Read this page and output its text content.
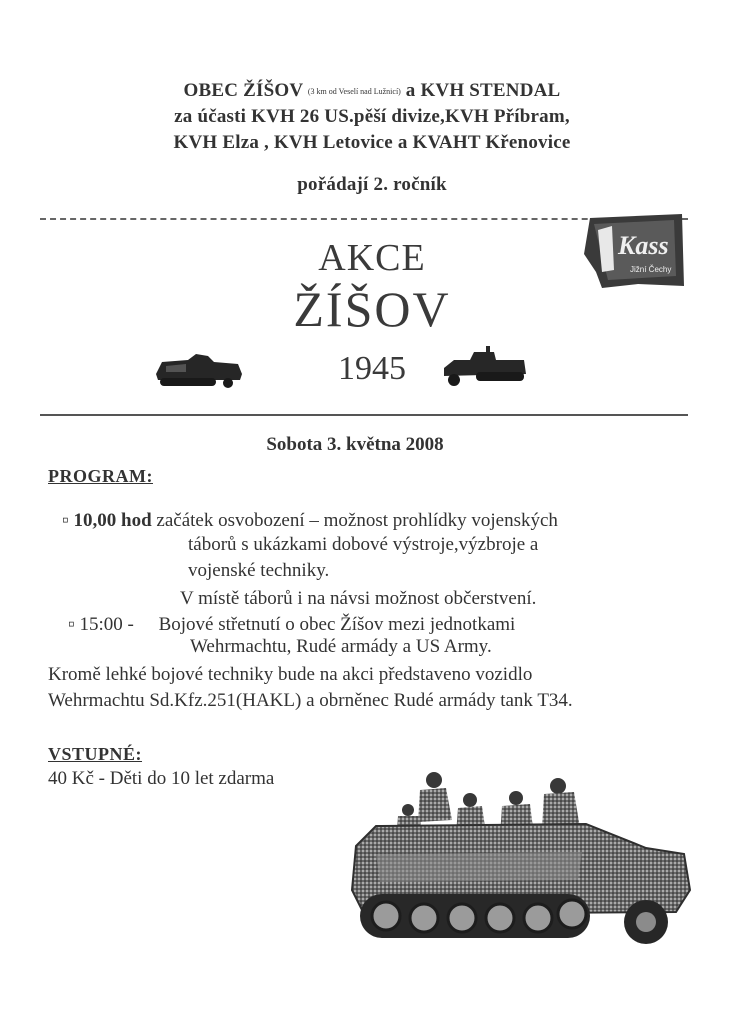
OBEC ŽÍŠOV (3 km od Veselí nad Lužnicí) a KVH STENDAL
za účasti KVH 26 US.pěší divize,KVH Příbram,
KVH Elza , KVH Letovice a KVAHT Křenovice
pořádají 2. ročník
Kass
Jižní Čechy
AKCE
ŽÍŠOV
1945
Sobota 3. května 2008
PROGRAM:
▫ 10,00 hod začátek osvobození – možnost prohlídky vojenských
táborů s ukázkami dobové výstroje,výzbroje a
vojenské techniky.
V místě táborů i na návsi možnost občerstvení.
▫ 15:00 - Bojové střetnutí o obec Žíšov mezi jednotkami
Wehrmachtu, Rudé armády a US Army.
Kromě lehké bojové techniky bude na akci představeno vozidlo
Wehrmachtu Sd.Kfz.251(HAKL) a obrněnec Rudé armády tank T34.
VSTUPNÉ:
40 Kč - Děti do 10 let zdarma
